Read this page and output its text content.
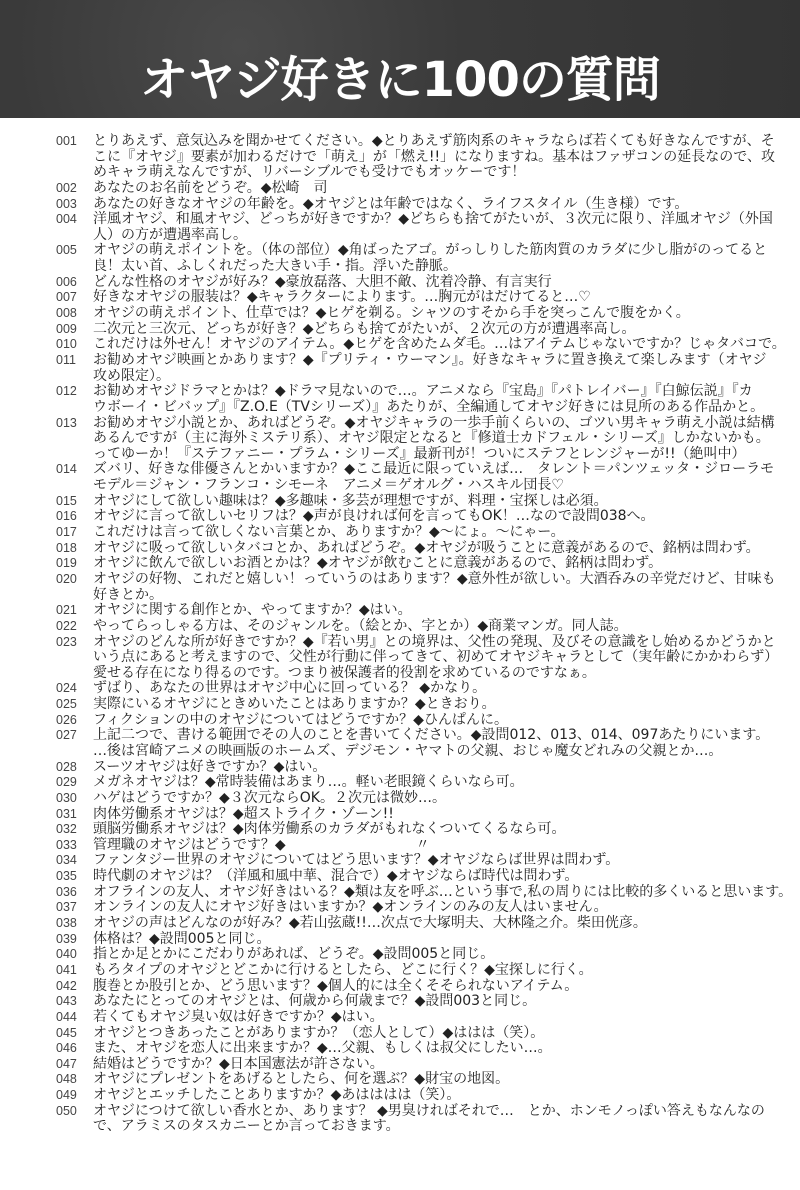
オヤジ好きに100の質問
001 とりあえず、意気込みを聞かせてください。◆とりあえず筋肉系のキャラならば若くても好きなんですが、そ
こに『オヤジ』要素が加わるだけで「萌え」が「燃え!!」になりますね。基本はファザコンの延長なので、攻
めキャラ萌えなんですが、リバーシブルでも受けでもオッケーです！
002 あなたのお名前をどうぞ。◆松崎　司
003 あなたの好きなオヤジの年齢を。◆オヤジとは年齢ではなく、ライフスタイル（生き様）です。
004 洋風オヤジ、和風オヤジ、どっちが好きですか？◆どちらも捨てがたいが、３次元に限り、洋風オヤジ（外国
人）の方が遭遇率高し。
005 オヤジの萌えポイントを。（体の部位）◆角ばったアゴ。がっしりした筋肉質のカラダに少し脂がのってると
良！太い首、ふしくれだった大きい手・指。浮いた静脈。
006 どんな性格のオヤジが好み？◆豪放磊落、大胆不敵、沈着冷静、有言実行
007 好きなオヤジの服装は？◆キャラクターによります。…胸元がはだけてると…♡
008 オヤジの萌えポイント、仕草では？◆ヒゲを剃る。シャツのすそから手を突っこんで腹をかく。
009 二次元と三次元、どっちが好き？◆どちらも捨てがたいが、２次元の方が遭遇率高し。
010 これだけは外せん！オヤジのアイテム。◆ヒゲを含めたムダ毛。…はアイテムじゃないですか？じゃタバコで。
011 お勧めオヤジ映画とかあります？◆『プリティ・ウーマン』。好きなキャラに置き換えて楽しみます（オヤジ
攻め限定）。
012 お勧めオヤジドラマとかは？◆ドラマ見ないので…。アニメなら『宝島』『パトレイバー』『白鯨伝説』『カ
ウボーイ・ビバップ』『Z.O.E（TVシリーズ）』あたりが、全編通してオヤジ好きには見所のある作品かと。
013 お勧めオヤジ小説とか、あればどうぞ。◆オヤジキャラの一歩手前くらいの、ゴツい男キャラ萌え小説は結構
あるんですが（主に海外ミステリ系）、オヤジ限定となると『修道士カドフェル・シリーズ』しかないかも。
ってゆーか！『ステファニー・プラム・シリーズ』最新刊が！ついにステフとレンジャーが!!（絶叫中）
014 ズバリ、好きな俳優さんとかいますか？◆ここ最近に限っていえば…　タレント＝パンツェッタ・ジローラモ
モデル＝ジャン・フランコ・シモーネ　アニメ＝ゲオルグ・ハスキル団長♡
015 オヤジにして欲しい趣味は？◆多趣味・多芸が理想ですが、料理・宝探しは必須。
016 オヤジに言って欲しいセリフは？◆声が良ければ何を言ってもOK！…なので設問038へ。
017 これだけは言って欲しくない言葉とか、ありますか？◆〜にょ。〜にゃー。
018 オヤジに吸って欲しいタバコとか、あればどうぞ。◆オヤジが吸うことに意義があるので、銘柄は問わず。
019 オヤジに飲んで欲しいお酒とかは？◆オヤジが飲むことに意義があるので、銘柄は問わず。
020 オヤジの好物、これだと嬉しい！っていうのはあります？◆意外性が欲しい。大酒呑みの辛党だけど、甘味も
好きとか。
021 オヤジに関する創作とか、やってますか？◆はい。
022 やってらっしゃる方は、そのジャンルを。（絵とか、字とか）◆商業マンガ。同人誌。
023 オヤジのどんな所が好きですか？◆『若い男』との境界は、父性の発現、及びその意識をし始めるかどうかと
いう点にあると考えますので、父性が行動に伴ってきて、初めてオヤジキャラとして（実年齢にかかわらず）
愛せる存在になり得るのです。つまり被保護者的役割を求めているのですなぁ。
024 ずばり、あなたの世界はオヤジ中心に回っている？ ◆かなり。
025 実際にいるオヤジにときめいたことはありますか？◆ときおり。
026 フィクションの中のオヤジについてはどうですか？◆ひんぱんに。
027 上記二つで、書ける範囲でその人のことを書いてください。◆設問012、013、014、097あたりにいます。
…後は宮崎アニメの映画版のホームズ、デジモン・ヤマトの父親、おじゃ魔女どれみの父親とか…。
028 スーツオヤジは好きですか？◆はい。
029 メガネオヤジは？◆常時装備はあまり…。軽い老眼鏡くらいなら可。
030 ハゲはどうですか？◆３次元ならOK。２次元は微妙…。
031 肉体労働系オヤジは？◆超ストライク・ゾーン!!
032 頭脳労働系オヤジは？◆肉体労働系のカラダがもれなくついてくるなら可。
033 管理職のオヤジはどうです？◆	〃
034 ファンタジー世界のオヤジについてはどう思います？◆オヤジならば世界は問わず。
035 時代劇のオヤジは？（洋風和風中華、混合で）◆オヤジならば時代は問わず。
036 オフラインの友人、オヤジ好きはいる？◆類は友を呼ぶ…という事で,私の周りには比較的多くいると思います。
037 オンラインの友人にオヤジ好きはいますか？◆オンラインのみの友人はいません。
038 オヤジの声はどんなのが好み？◆若山弦蔵!!…次点で大塚明夫、大林隆之介。柴田侊彦。
039 体格は？◆設問005と同じ。
040 指とか足とかにこだわりがあれば、どうぞ。◆設問005と同じ。
041 もろタイプのオヤジとどこかに行けるとしたら、どこに行く？◆宝探しに行く。
042 腹巻とか股引とか、どう思います？◆個人的には全くそそられないアイテム。
043 あなたにとってのオヤジとは、何歳から何歳まで？◆設問003と同じ。
044 若くてもオヤジ臭い奴は好きですか？◆はい。
045 オヤジとつきあったことがありますか？（恋人として）◆ははは（笑）。
046 また、オヤジを恋人に出来ますか？◆…父親、もしくは叔父にしたい…。
047 結婚はどうですか？◆日本国憲法が許さない。
048 オヤジにプレゼントをあげるとしたら、何を選ぶ？◆財宝の地図。
049 オヤジとエッチしたことありますか？◆あはははは（笑）。
050 オヤジにつけて欲しい香水とか、あります？ ◆男臭ければそれで…　とか、ホンモノっぽい答えもなんなの
で、アラミスのタスカニーとか言っておきます。
